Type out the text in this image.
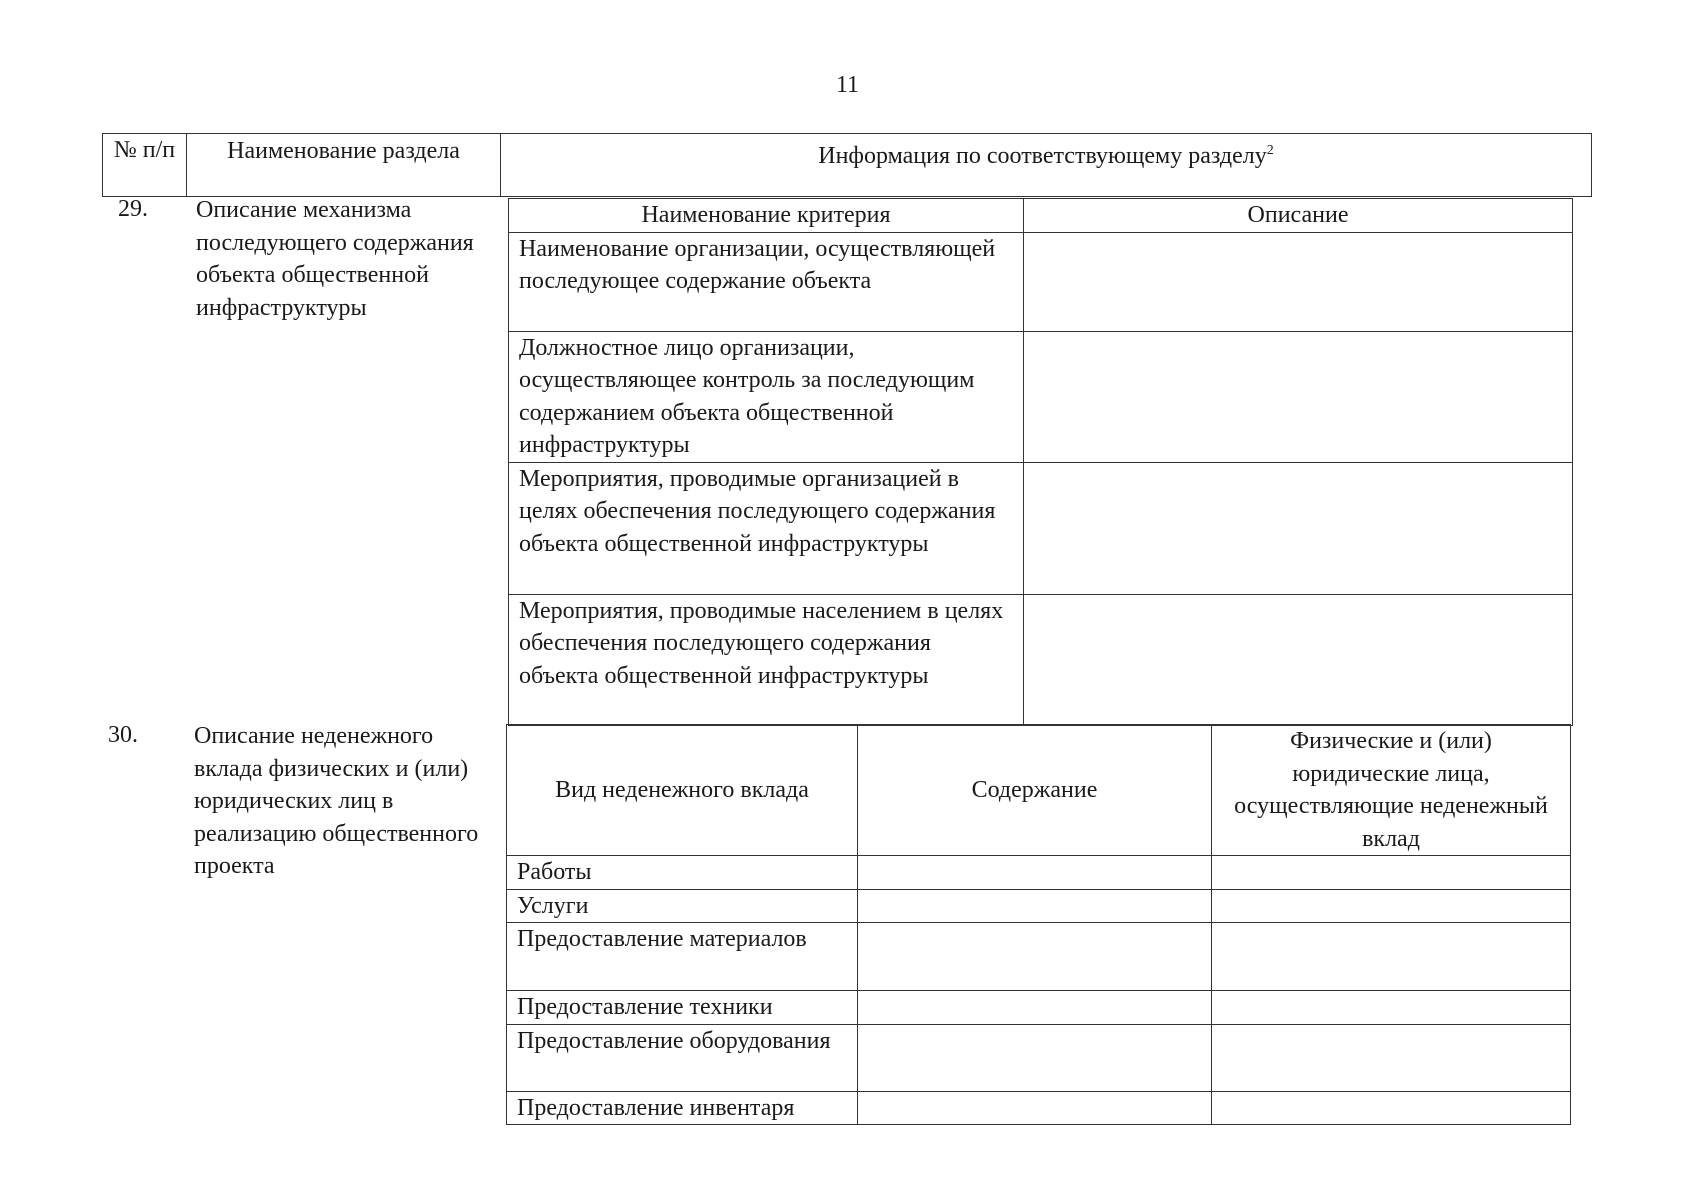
11
№ п/п	Наименование раздела	Информация по соответствующему разделу$^2$
29. Описание механизма последующего содержания объекта общественной инфраструктуры
Наименование критерия	Описание
Наименование организации, осуществляющей последующее содержание объекта	
Должностное лицо организации, осуществляющее контроль за последующим содержанием объекта общественной инфраструктуры	
Мероприятия, проводимые организацией в целях обеспечения последующего содержания объекта общественной инфраструктуры	
Мероприятия, проводимые населением в целях обеспечения последующего содержания объекта общественной инфраструктуры	
30. Описание неденежного вклада физических и (или) юридических лиц в реализацию общественного проекта
Вид неденежного вклада	Содержание	Физические и (или) юридические лица, осуществляющие неденежный вклад
Работы		
Услуги		
Предоставление материалов		
Предоставление техники		
Предоставление оборудования		
Предоставление инвентаря		
